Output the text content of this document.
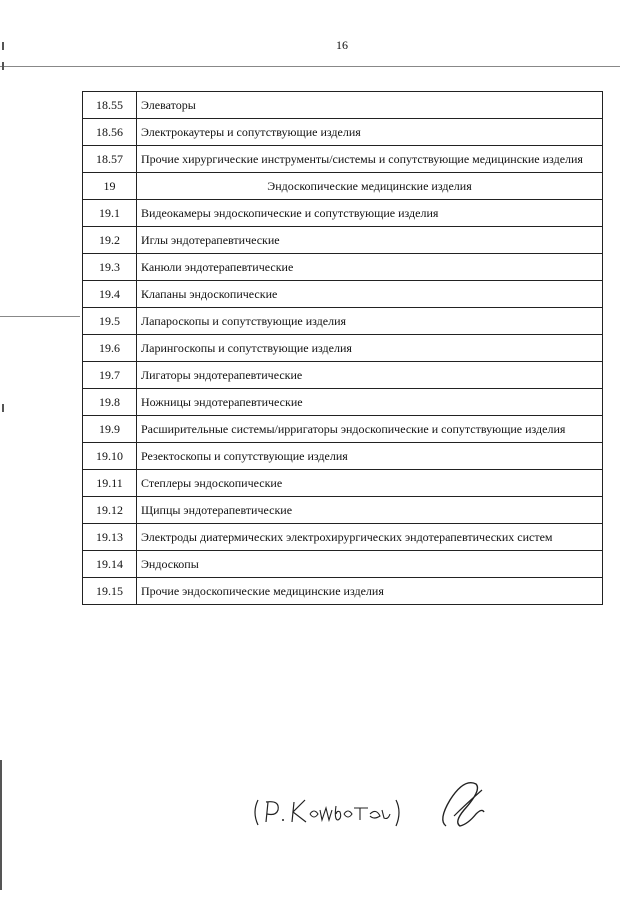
16
18.55	Элеваторы
18.56	Электрокаутеры и сопутствующие изделия
18.57	Прочие хирургические инструменты/системы и сопутствующие медицинские изделия
19	Эндоскопические медицинские изделия
19.1	Видеокамеры эндоскопические и сопутствующие изделия
19.2	Иглы эндотерапевтические
19.3	Канюли эндотерапевтические
19.4	Клапаны эндоскопические
19.5	Лапароскопы и сопутствующие изделия
19.6	Ларингоскопы и сопутствующие изделия
19.7	Лигаторы эндотерапевтические
19.8	Ножницы эндотерапевтические
19.9	Расширительные системы/ирригаторы эндоскопические и сопутствующие изделия
19.10	Резектоскопы и сопутствующие изделия
19.11	Степлеры эндоскопические
19.12	Щипцы эндотерапевтические
19.13	Электроды диатермических электрохирургических эндотерапевтических систем
19.14	Эндоскопы
19.15	Прочие эндоскопические медицинские изделия
